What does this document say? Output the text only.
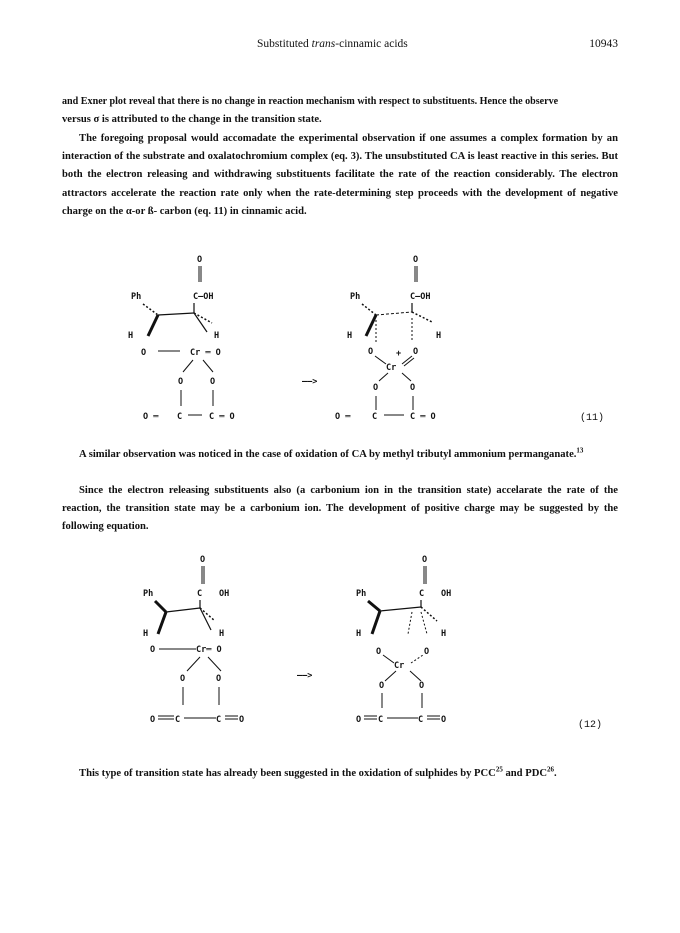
Substituted trans-cinnamic acids	10943

and Exner plot reveal that there is no change in reaction mechanism with respect to substituents. Hence the observe

versus σ is attributed to the change in the transition state.

The foregoing proposal would accomadate the experimental observation if one assumes a complex formation by an interaction of the substrate and oxalatochromium complex (eq. 3). The unsubstituted CA is least reactive in this series. But both the electron releasing and withdrawing substituents facilitate the rate of the reaction considerably. The electron attractors accelerate the reaction rate only when the rate-determining step proceeds with the development of negative charge on the α-or ß- carbon (eq. 11) in cinnamic acid.

O
Ph	C—OH
H	H
O	Cr ═ O
O	O
O ═ C	C ═ O
——>
O
Ph	C—OH
H	H
O	+ O
Cr
O	O
O ═	C	C ═ O	(11)

A similar observation was noticed in the case of oxidation of CA by methyl tributyl ammonium permanganate.$^{13}$

Since the electron releasing substituents also (a carbonium ion in the transition state) accelarate the rate of the reaction, the transition state may be a carbonium ion. The development of positive charge may be suggested by the following equation.

O
Ph	C OH
H	H
O	Cr═ O
O	O
O C	C O
——>
O
Ph	C OH
H	H
O	O
Cr
O	O
O C	C O	(12)

This type of transition state has already been suggested in the oxidation of sulphides by PCC$^{25}$ and PDC$^{26}$.
